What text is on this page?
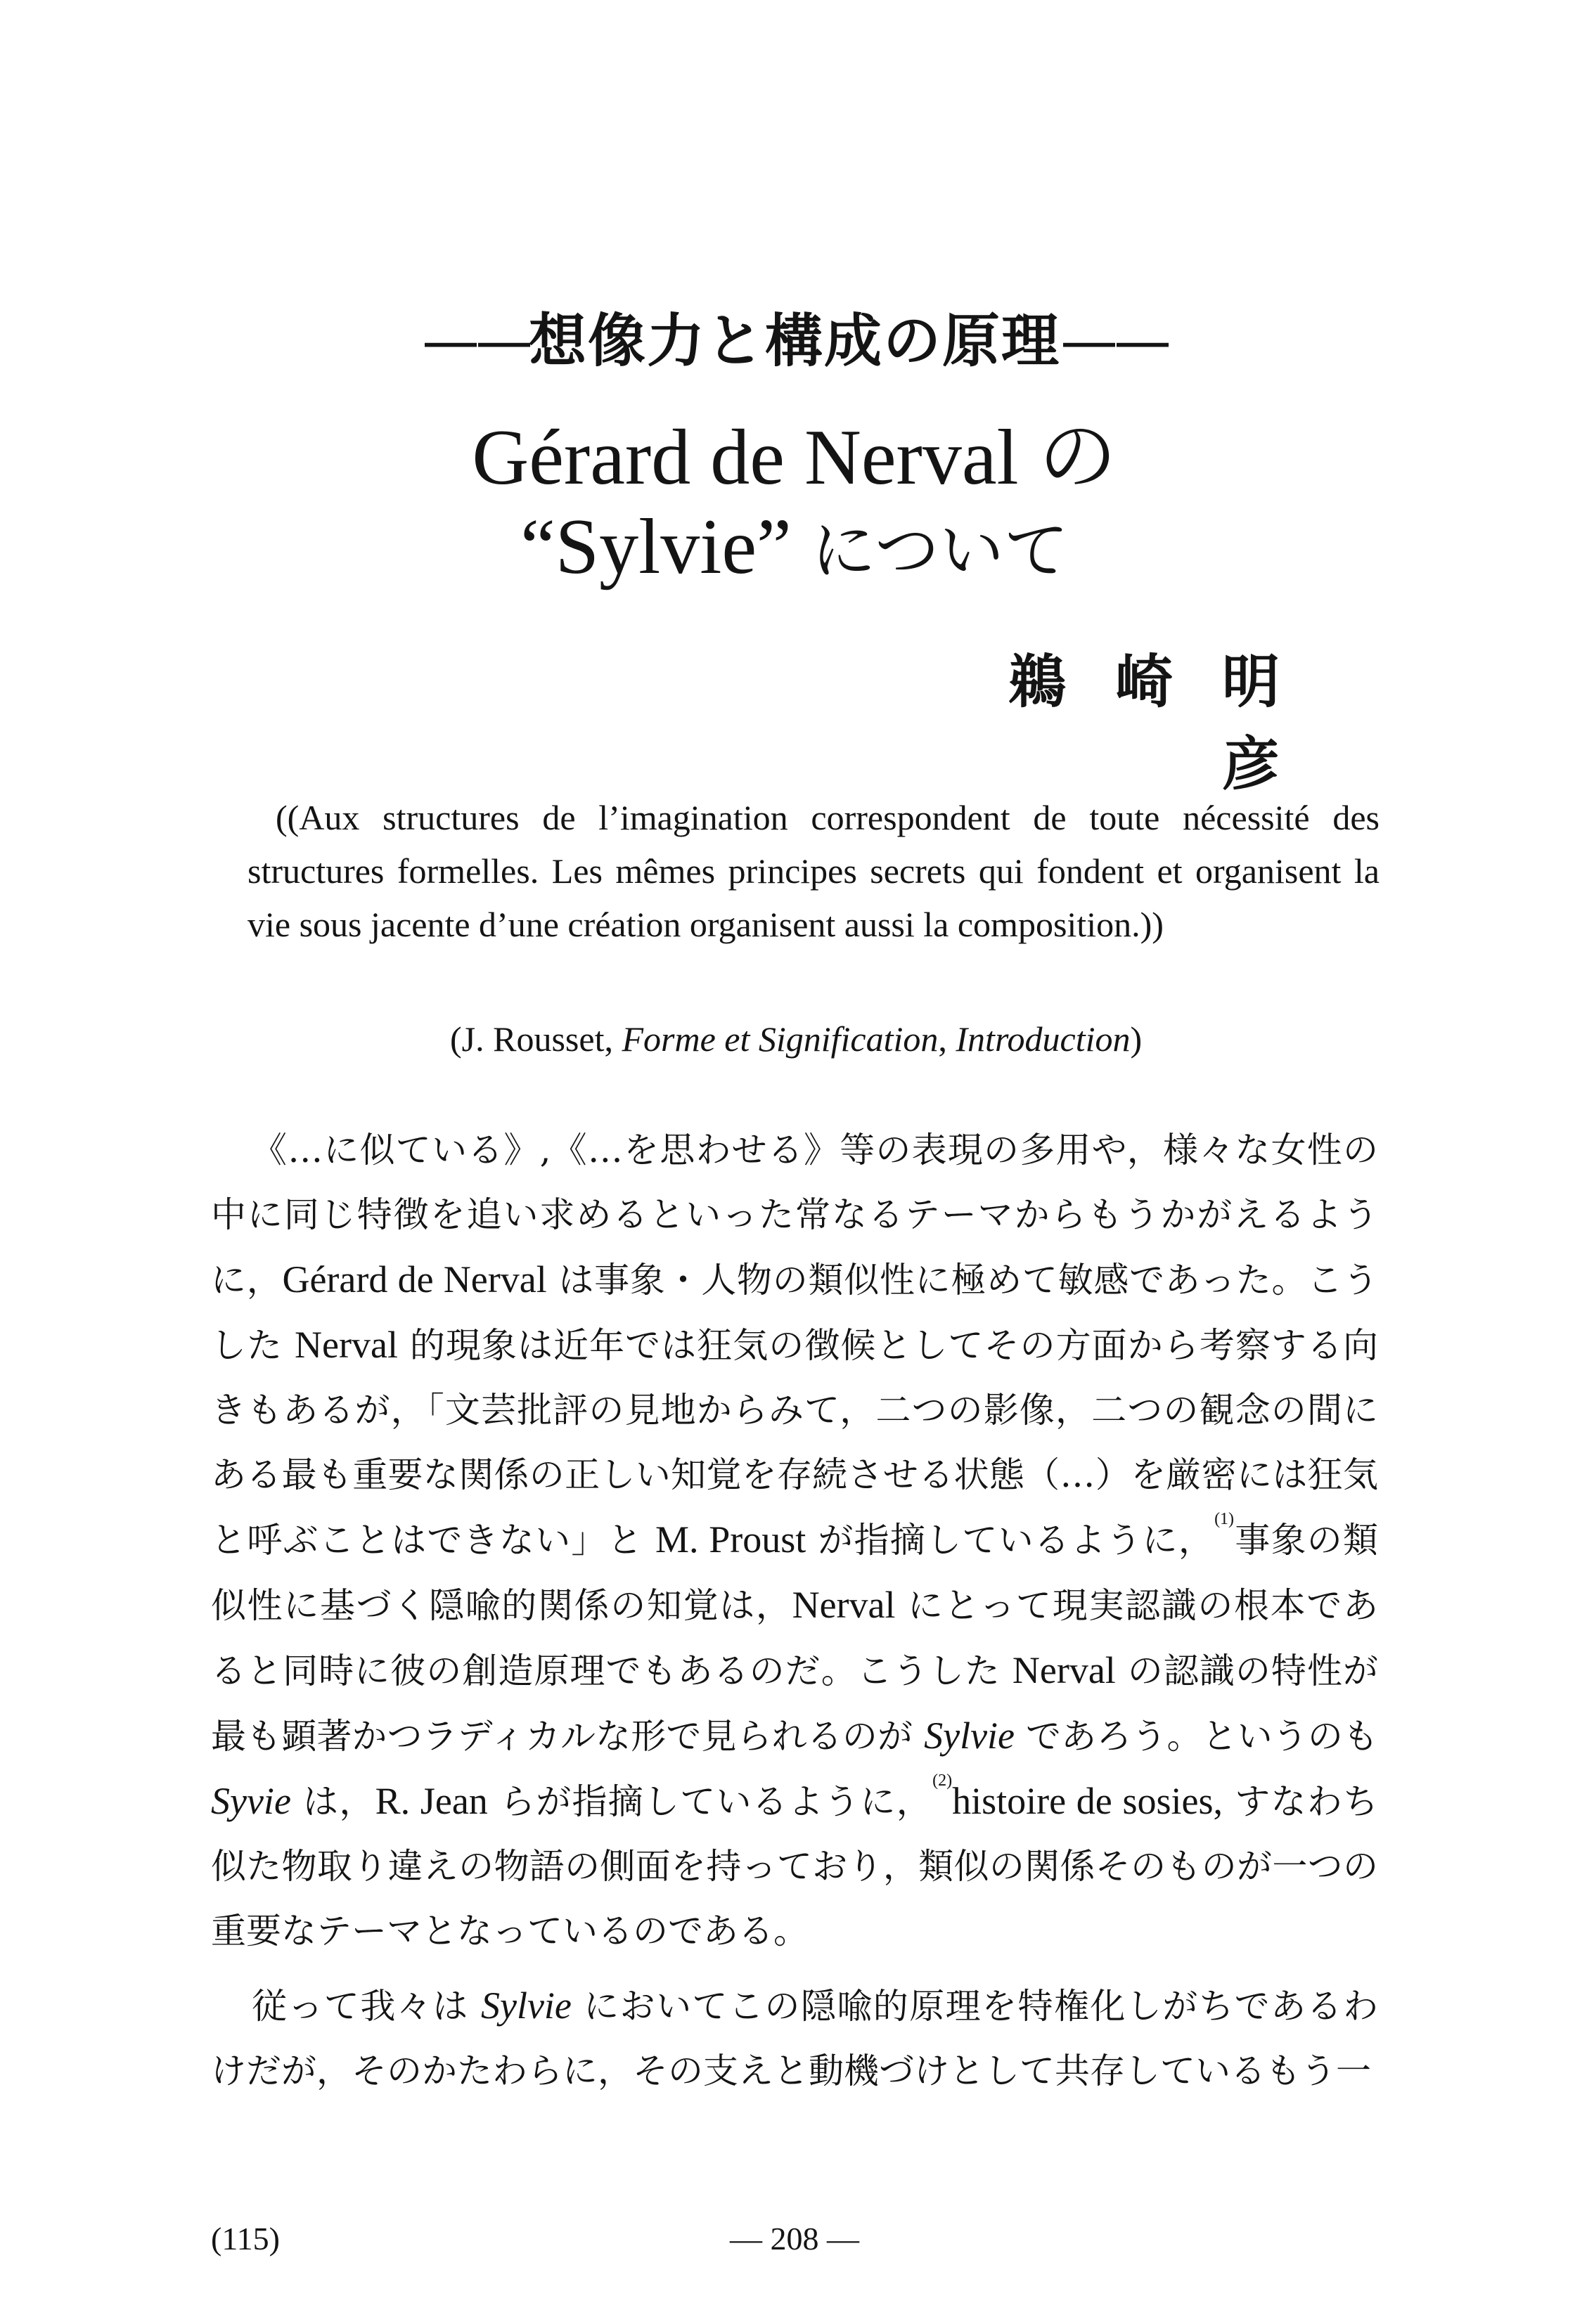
——想像力と構成の原理——
Gérard de Nerval の
“Sylvie” について
鵜崎明彦
((Aux structures de l’imagination correspondent de toute nécessité des structures formelles. Les mêmes principes secrets qui fondent et organisent la vie sous jacente d’une création organisent aussi la composition.))
(J. Rousset, Forme et Signification, Introduction)

《…に似ている》,《…を思わせる》等の表現の多用や，様々な女性の中に同じ特徴を追い求めるといった常なるテーマからもうかがえるように，Gérard de Nerval は事象・人物の類似性に極めて敏感であった。こうした Nerval 的現象は近年では狂気の徴候としてその方面から考察する向きもあるが，「文芸批評の見地からみて，二つの影像，二つの観念の間にある最も重要な関係の正しい知覚を存続させる状態（…）を厳密には狂気と呼ぶことはできない」と M. Proust が指摘しているように，$^{(1)}$事象の類似性に基づく隠喩的関係の知覚は，Nerval にとって現実認識の根本であると同時に彼の創造原理でもあるのだ。こうした Nerval の認識の特性が最も顕著かつラディカルな形で見られるのが Sylvie であろう。というのも Syvie は，R. Jean らが指摘しているように，$^{(2)}$histoire de sosies, すなわち似た物取り違えの物語の側面を持っており，類似の関係そのものが一つの重要なテーマとなっているのである。

従って我々は Sylvie においてこの隠喩的原理を特権化しがちであるわけだが，そのかたわらに，その支えと動機づけとして共存しているもう一

(115)	— 208 —
